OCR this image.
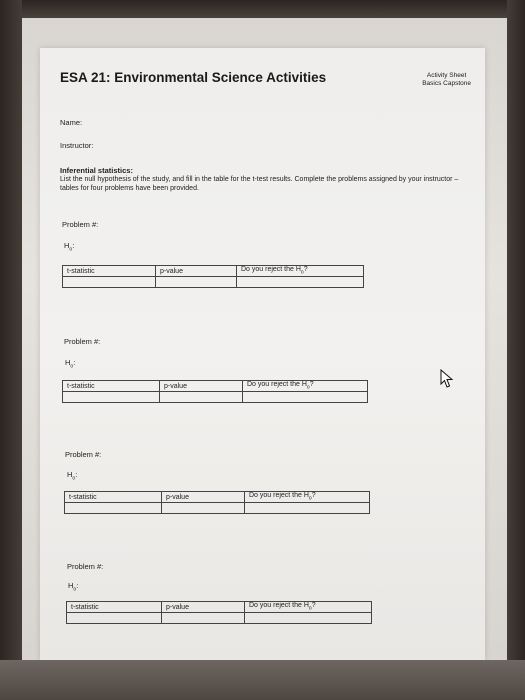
ESA 21: Environmental Science Activities	Activity Sheet
Basics Capstone
Name:
Instructor:
Inferential statistics:
List the null hypothesis of the study, and fill in the table for the t-test results. Complete the problems assigned by your instructor – tables for four problems have been provided.
Problem #:
$H_o$:
t-statistic	p-value	Do you reject the $H_o$?

Problem #:
$H_o$:
t-statistic	p-value	Do you reject the $H_o$?

Problem #:
$H_o$:
t-statistic	p-value	Do you reject the $H_o$?

Problem #:
$H_o$:
t-statistic	p-value	Do you reject the $H_o$?
